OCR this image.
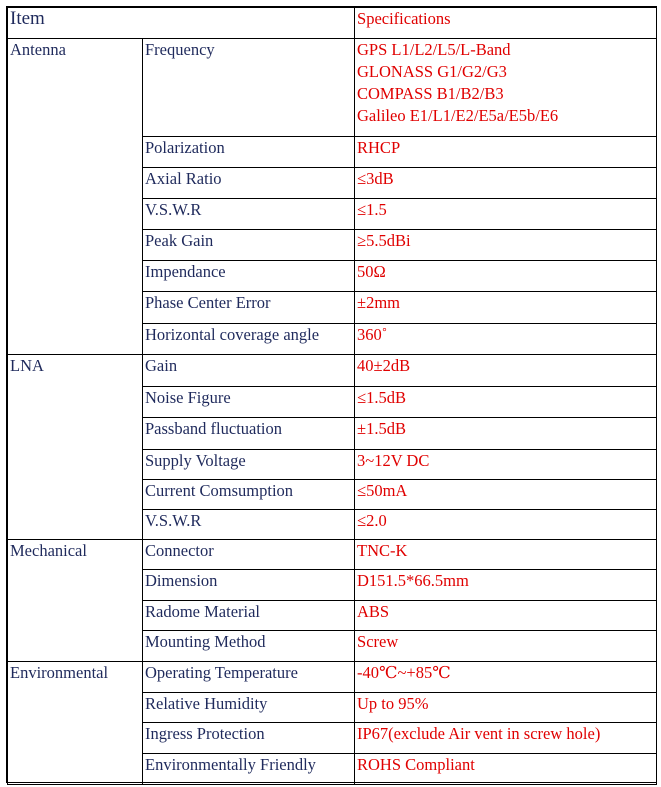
Item		Specifications
Antenna	Frequency	GPS L1/L2/L5/L-Band
GLONASS G1/G2/G3
COMPASS B1/B2/B3
Galileo E1/L1/E2/E5a/E5b/E6

	Polarization	RHCP
	Axial Ratio	≤3dB
	V.S.W.R	≤1.5
	Peak Gain	≥5.5dBi
	Impendance	50Ω
	Phase Center Error	±2mm
	Horizontal coverage angle	360˚
LNA	Gain	40±2dB
	Noise Figure	≤1.5dB
	Passband fluctuation	±1.5dB
	Supply Voltage	3~12V DC
	Current Comsumption	≤50mA
	V.S.W.R	≤2.0
Mechanical	Connector	TNC-K
	Dimension	D151.5*66.5mm
	Radome Material	ABS
	Mounting Method	Screw
Environmental	Operating Temperature	-40℃~+85℃
	Relative Humidity	Up to 95%
	Ingress Protection	IP67(exclude Air vent in screw hole)
	Environmentally Friendly	ROHS Compliant
